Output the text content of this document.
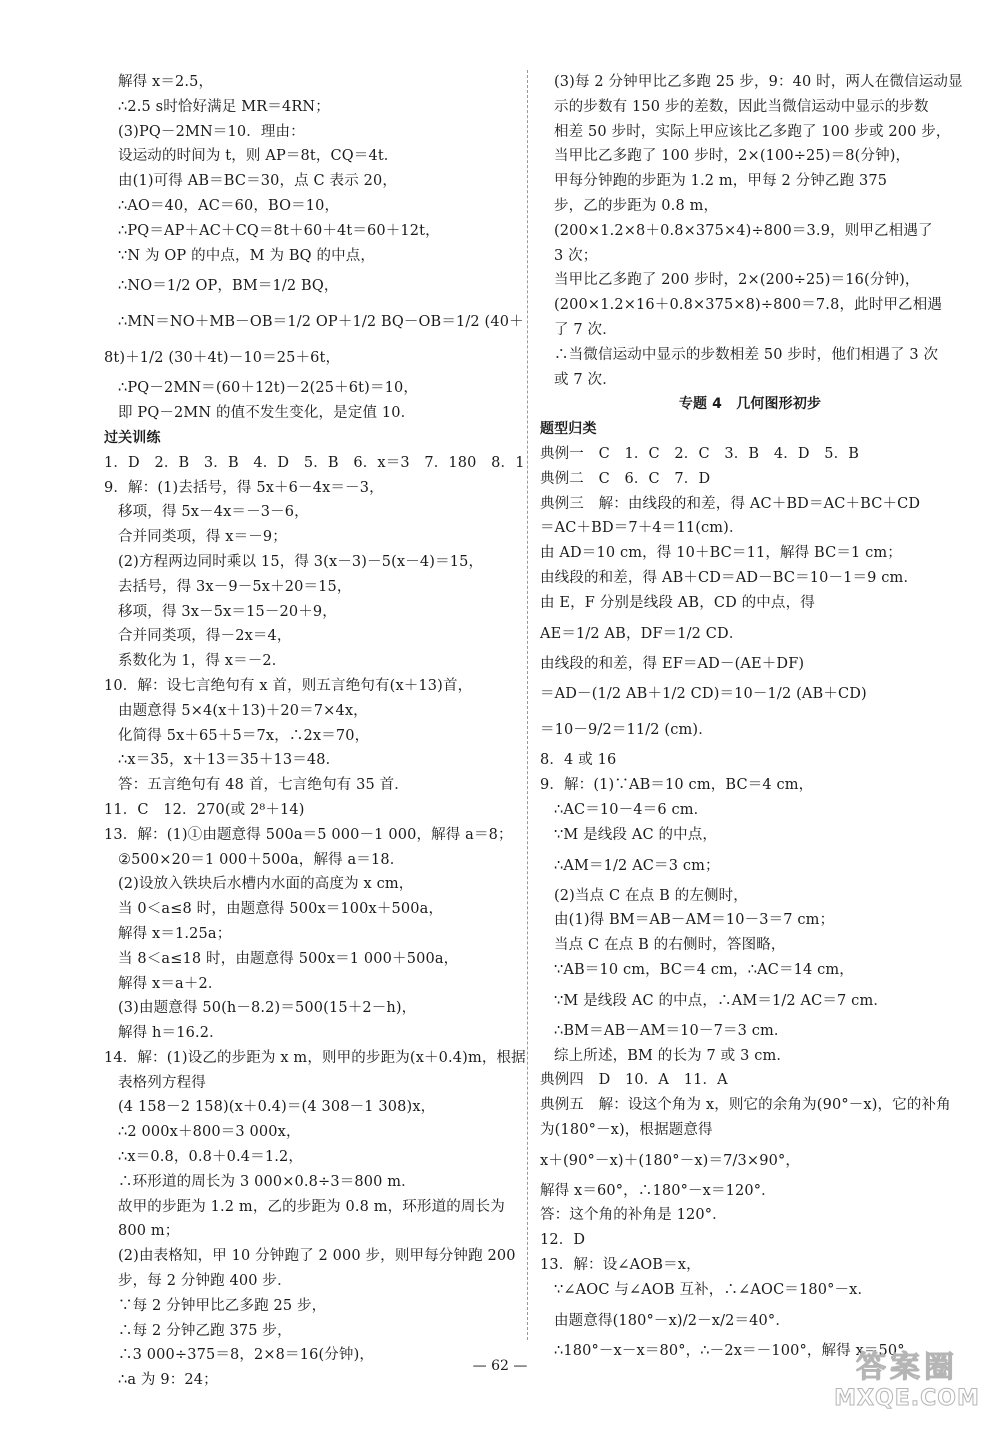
解得 x＝2.5，
∴2.5 s时恰好满足 MR＝4RN；
(3)PQ－2MN＝10．理由：
设运动的时间为 t，则 AP＝8t，CQ＝4t．
由(1)可得 AB＝BC＝30，点 C 表示 20，
∴AO＝40，AC＝60，BO＝10，
∴PQ＝AP＋AC＋CQ＝8t＋60＋4t＝60＋12t，
∵N 为 OP 的中点，M 为 BQ 的中点，
∴NO＝1/2 OP，BM＝1/2 BQ，
∴MN＝NO＋MB－OB＝1/2 OP＋1/2 BQ－OB＝1/2 (40＋
8t)＋1/2 (30＋4t)－10＝25＋6t，
∴PQ－2MN＝(60＋12t)－2(25＋6t)＝10，
即 PQ－2MN 的值不发生变化，是定值 10．
过关训练
1．D　2．B　3．B　4．D　5．B　6．x＝3　7．180　8．1
9．解：(1)去括号，得 5x＋6－4x＝－3，
移项，得 5x－4x＝－3－6，
合并同类项，得 x＝－9；
(2)方程两边同时乘以 15，得 3(x－3)－5(x－4)＝15，
去括号，得 3x－9－5x＋20＝15，
移项，得 3x－5x＝15－20＋9，
合并同类项，得－2x＝4，
系数化为 1，得 x＝－2．
10．解：设七言绝句有 x 首，则五言绝句有(x＋13)首，
由题意得 5×4(x＋13)＋20＝7×4x，
化简得 5x＋65＋5＝7x，∴2x＝70，
∴x＝35，x＋13＝35＋13＝48．
答：五言绝句有 48 首，七言绝句有 35 首．
11．C　12．270(或 2⁸＋14)
13．解：(1)①由题意得 500a＝5 000－1 000，解得 a＝8；
②500×20＝1 000＋500a，解得 a＝18．
(2)设放入铁块后水槽内水面的高度为 x cm，
当 0＜a≤8 时，由题意得 500x＝100x＋500a，
解得 x＝1.25a；
当 8＜a≤18 时，由题意得 500x＝1 000＋500a，
解得 x＝a＋2．
(3)由题意得 50(h－8.2)＝500(15＋2－h)，
解得 h＝16.2．
14．解：(1)设乙的步距为 x m，则甲的步距为(x＋0.4)m，根据
表格列方程得
(4 158－2 158)(x＋0.4)＝(4 308－1 308)x，
∴2 000x＋800＝3 000x，
∴x＝0.8，0.8＋0.4＝1.2，
∴环形道的周长为 3 000×0.8÷3＝800 m．
故甲的步距为 1.2 m，乙的步距为 0.8 m，环形道的周长为
800 m；
(2)由表格知，甲 10 分钟跑了 2 000 步，则甲每分钟跑 200
步，每 2 分钟跑 400 步．
∵每 2 分钟甲比乙多跑 25 步，
∴每 2 分钟乙跑 375 步，
∴3 000÷375＝8，2×8＝16(分钟)，
∴a 为 9：24；
(3)每 2 分钟甲比乙多跑 25 步，9：40 时，两人在微信运动显
示的步数有 150 步的差数，因此当微信运动中显示的步数
相差 50 步时，实际上甲应该比乙多跑了 100 步或 200 步，
当甲比乙多跑了 100 步时，2×(100÷25)＝8(分钟)，
甲每分钟跑的步距为 1.2 m，甲每 2 分钟乙跑 375
步，乙的步距为 0.8 m，
(200×1.2×8＋0.8×375×4)÷800＝3.9，则甲乙相遇了
3 次；
当甲比乙多跑了 200 步时，2×(200÷25)＝16(分钟)，
(200×1.2×16＋0.8×375×8)÷800＝7.8，此时甲乙相遇
了 7 次．
∴当微信运动中显示的步数相差 50 步时，他们相遇了 3 次
或 7 次．
专题 4　几何图形初步
题型归类
典例一　C　1．C　2．C　3．B　4．D　5．B
典例二　C　6．C　7．D
典例三　解：由线段的和差，得 AC＋BD＝AC＋BC＋CD
＝AC＋BD＝7＋4＝11(cm)．
由 AD＝10 cm，得 10＋BC＝11，解得 BC＝1 cm；
由线段的和差，得 AB＋CD＝AD－BC＝10－1＝9 cm．
由 E，F 分别是线段 AB，CD 的中点，得
AE＝1/2 AB，DF＝1/2 CD．
由线段的和差，得 EF＝AD－(AE＋DF)
＝AD－(1/2 AB＋1/2 CD)＝10－1/2 (AB＋CD)
＝10－9/2＝11/2 (cm)．
8．4 或 16
9．解：(1)∵AB＝10 cm，BC＝4 cm，
∴AC＝10－4＝6 cm．
∵M 是线段 AC 的中点，
∴AM＝1/2 AC＝3 cm；
(2)当点 C 在点 B 的左侧时，
由(1)得 BM＝AB－AM＝10－3＝7 cm；
当点 C 在点 B 的右侧时，答图略，
∵AB＝10 cm，BC＝4 cm，∴AC＝14 cm，
∵M 是线段 AC 的中点，∴AM＝1/2 AC＝7 cm．
∴BM＝AB－AM＝10－7＝3 cm．
综上所述，BM 的长为 7 或 3 cm．
典例四　D　10．A　11．A
典例五　解：设这个角为 x，则它的余角为(90°－x)，它的补角
为(180°－x)，根据题意得
x＋(90°－x)＋(180°－x)＝7/3×90°，
解得 x＝60°，∴180°－x＝120°．
答：这个角的补角是 120°．
12．D
13．解：设∠AOB＝x，
∵∠AOC 与∠AOB 互补，∴∠AOC＝180°－x．
由题意得(180°－x)/2－x/2＝40°．
∴180°－x－x＝80°，∴－2x＝－100°，解得 x＝50°，
— 62 —	答案圈
MXQE.COM
